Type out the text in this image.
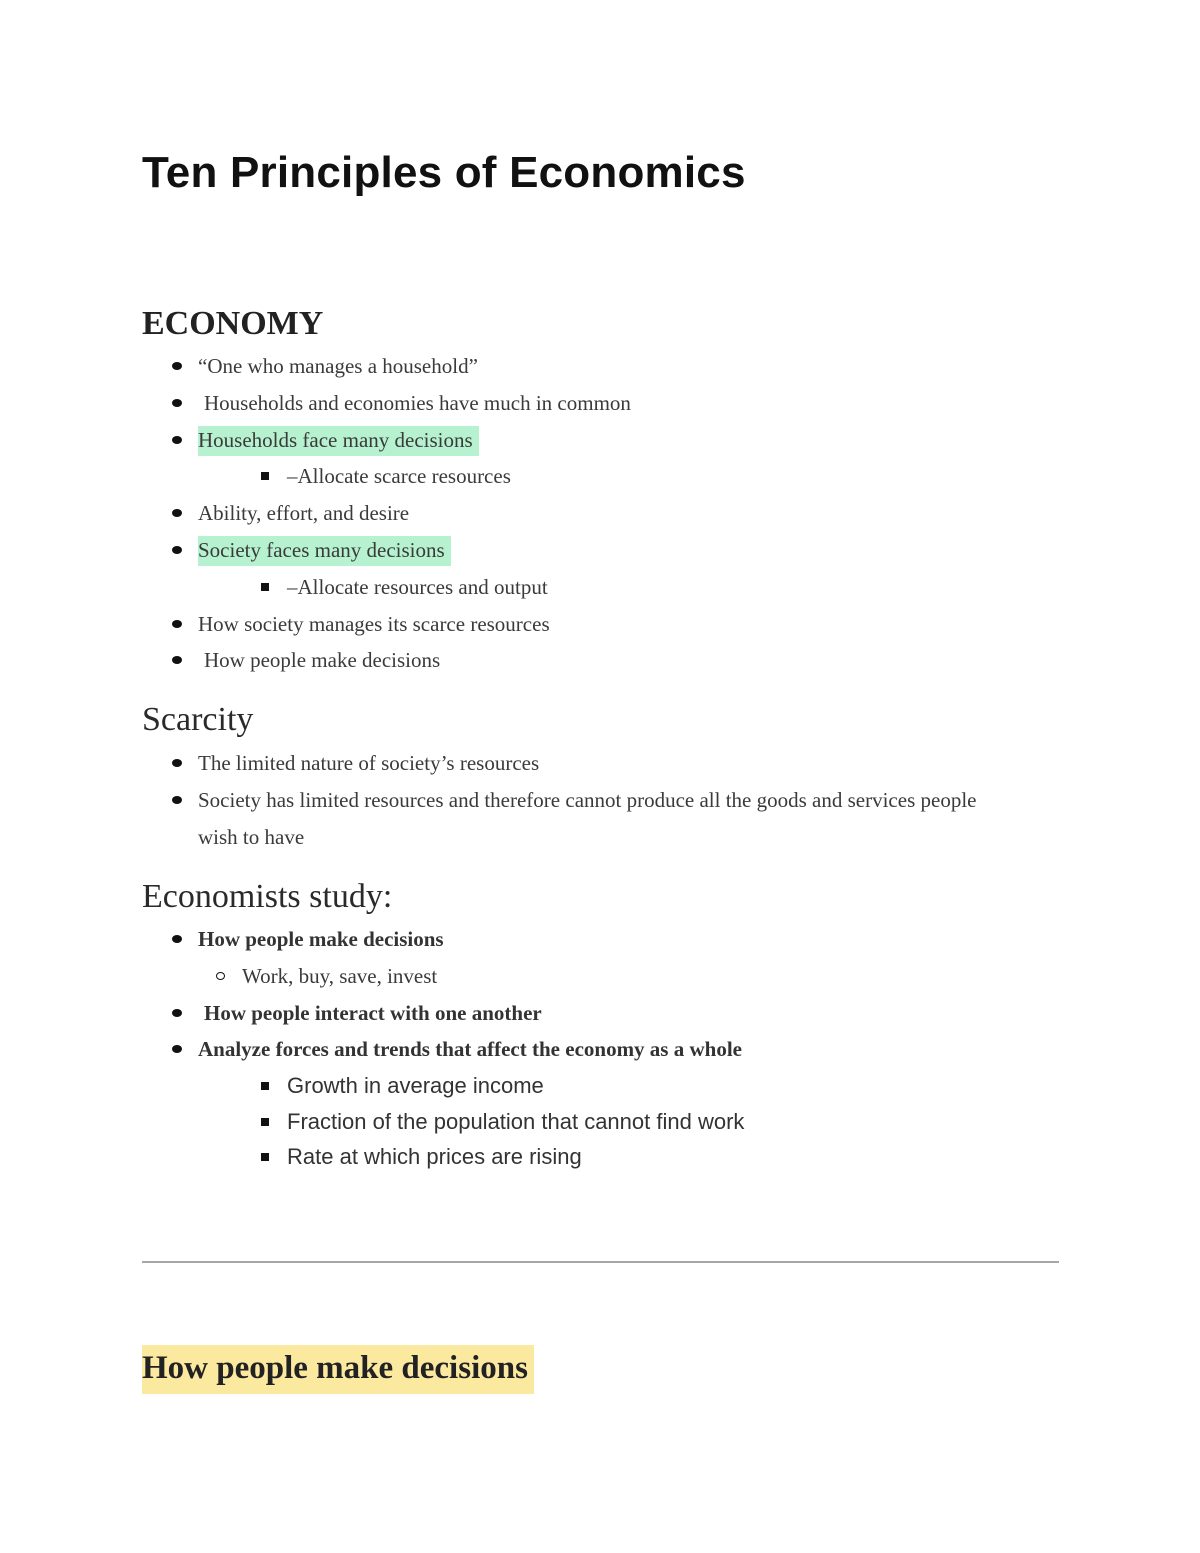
Ten Principles of Economics
ECONOMY
“One who manages a household”
Households and economies have much in common
Households face many decisions
–Allocate scarce resources
Ability, effort, and desire
Society faces many decisions
–Allocate resources and output
How society manages its scarce resources
How people make decisions
Scarcity
The limited nature of society’s resources
Society has limited resources and therefore cannot produce all the goods and services people wish to have
Economists study:
How people make decisions
Work, buy, save, invest
How people interact with one another
Analyze forces and trends that affect the economy as a whole
Growth in average income
Fraction of the population that cannot find work
Rate at which prices are rising
How people make decisions
